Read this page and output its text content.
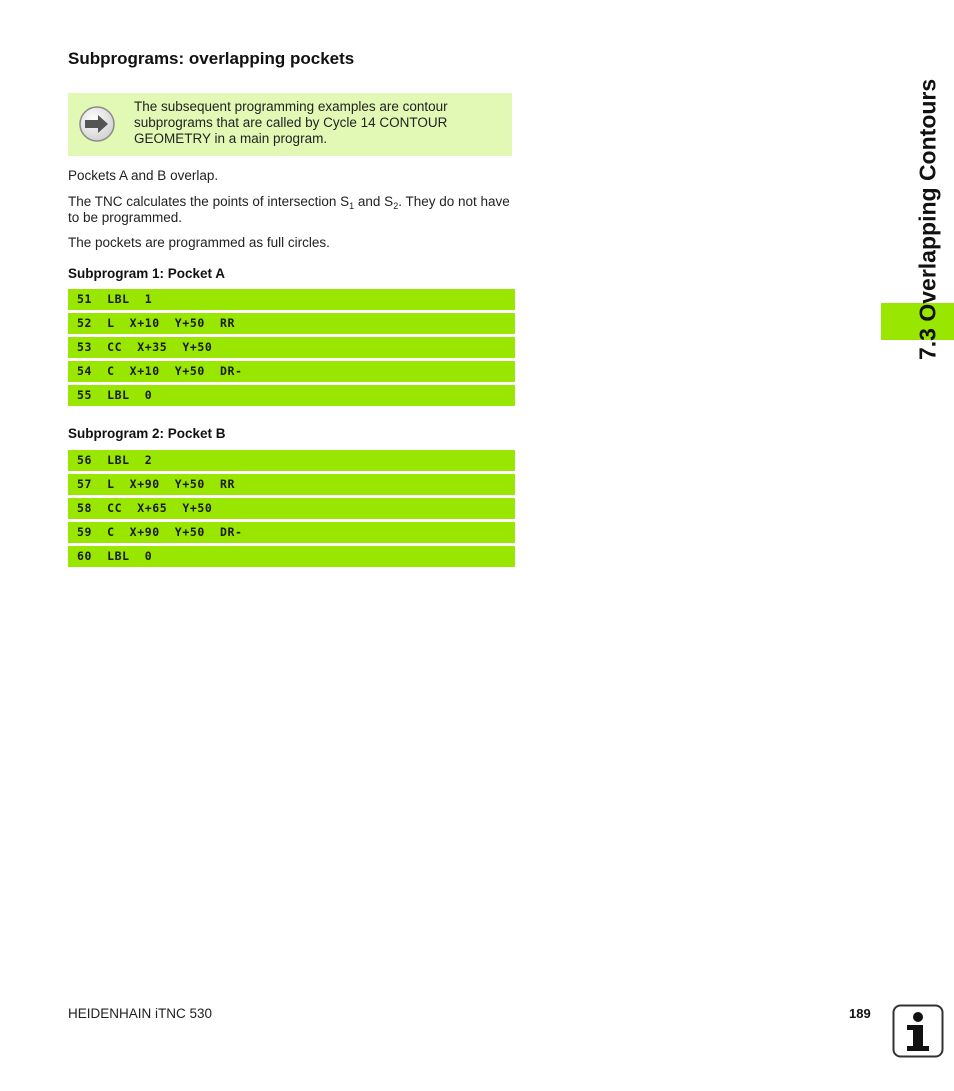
Subprograms: overlapping pockets
The subsequent programming examples are contour subprograms that are called by Cycle 14 CONTOUR GEOMETRY in a main program.

Pockets A and B overlap.

The TNC calculates the points of intersection $S_1$ and $S_2$. They do not have to be programmed.

The pockets are programmed as full circles.

Subprogram 1: Pocket A
51  LBL  1
52  L  X+10  Y+50  RR
53  CC  X+35  Y+50
54  C  X+10  Y+50  DR-
55  LBL  0
Subprogram 2: Pocket B
56  LBL  2
57  L  X+90  Y+50  RR
58  CC  X+65  Y+50
59  C  X+90  Y+50  DR-
60  LBL  0
7.3 Overlapping Contours
HEIDENHAIN iTNC 530	189
